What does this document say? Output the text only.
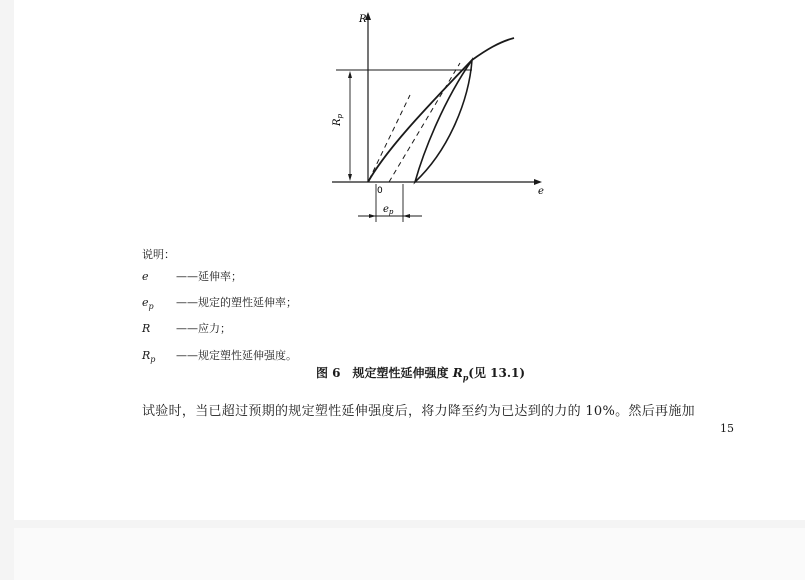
$R_p$
$e_p$
R
e
0
说明：
e ——延伸率；
$e_p$ ——规定的塑性延伸率；
R ——应力；
$R_p$ ——规定塑性延伸强度。
图 6　规定塑性延伸强度 $R_p$(见 13.1)
试验时，当已超过预期的规定塑性延伸强度后，将力降至约为已达到的力的 10%。然后再施加
15
